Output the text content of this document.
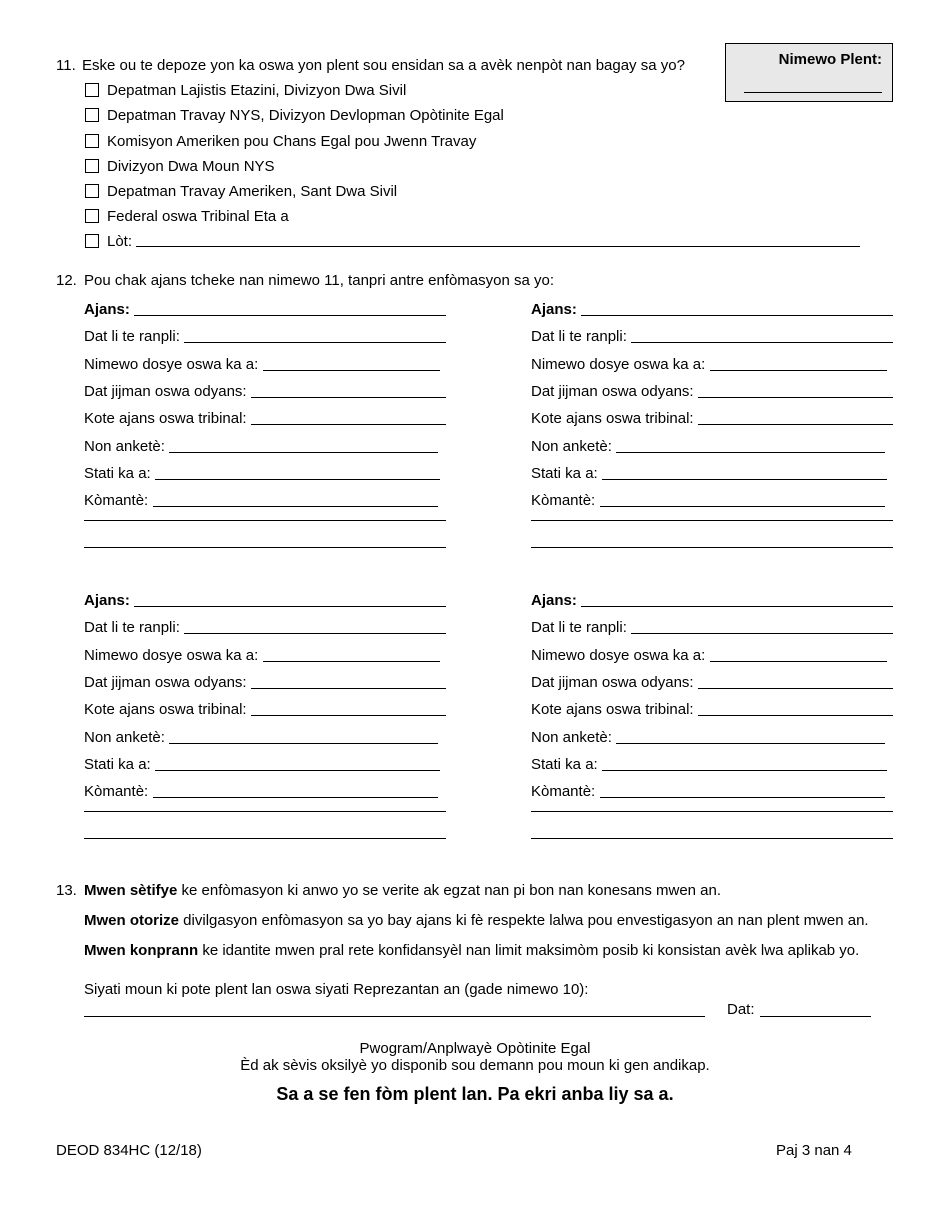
Nimewo Plent:
11. Eske ou te depoze yon ka oswa yon plent sou ensidan sa a avèk nenpòt nan bagay sa yo?
Depatman Lajistis Etazini, Divizyon Dwa Sivil
Depatman Travay NYS, Divizyon Devlopman Opòtinite Egal
Komisyon Ameriken pou Chans Egal pou Jwenn Travay
Divizyon Dwa Moun NYS
Depatman Travay Ameriken, Sant Dwa Sivil
Federal oswa Tribinal Eta a
Lòt:
12. Pou chak ajans tcheke nan nimewo 11, tanpri antre enfòmasyon sa yo:
Ajans:
Dat li te ranpli:
Nimewo dosye oswa ka a:
Dat jijman oswa odyans:
Kote ajans oswa tribinal:
Non anketè:
Stati ka a:
Kòmantè:
Ajans:
Dat li te ranpli:
Nimewo dosye oswa ka a:
Dat jijman oswa odyans:
Kote ajans oswa tribinal:
Non anketè:
Stati ka a:
Kòmantè:
Ajans:
Dat li te ranpli:
Nimewo dosye oswa ka a:
Dat jijman oswa odyans:
Kote ajans oswa tribinal:
Non anketè:
Stati ka a:
Kòmantè:
Ajans:
Dat li te ranpli:
Nimewo dosye oswa ka a:
Dat jijman oswa odyans:
Kote ajans oswa tribinal:
Non anketè:
Stati ka a:
Kòmantè:
13. Mwen sètifye ke enfòmasyon ki anwo yo se verite ak egzat nan pi bon nan konesans mwen an.
Mwen otorize divilgasyon enfòmasyon sa yo bay ajans ki fè respekte lalwa pou envestigasyon an nan plent mwen an.
Mwen konprann ke idantite mwen pral rete konfidansyèl nan limit maksimòm posib ki konsistan avèk lwa aplikab yo.
Siyati moun ki pote plent lan oswa siyati Reprezantan an (gade nimewo 10):
Dat:
Pwogram/Anplwayè Opòtinite Egal
Èd ak sèvis oksilyè yo disponib sou demann pou moun ki gen andikap.
Sa a se fen fòm plent lan. Pa ekri anba liy sa a.
DEOD 834HC (12/18)	Paj 3 nan 4
